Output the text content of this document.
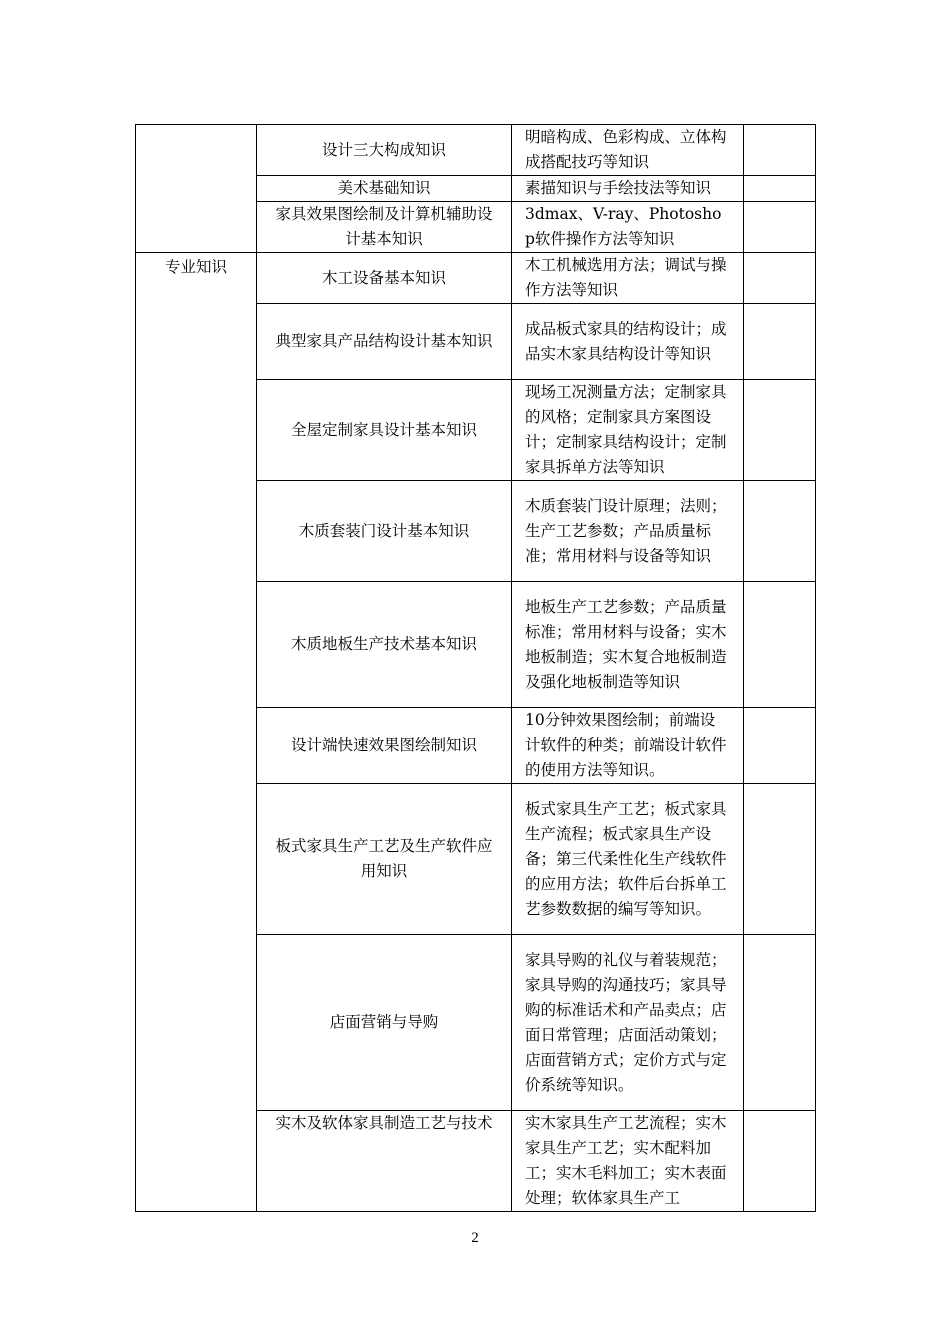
	设计三大构成知识	明暗构成、色彩构成、立体构成搭配技巧等知识	
	美术基础知识	素描知识与手绘技法等知识	
	家具效果图绘制及计算机辅助设计基本知识	3dmax、V-ray、Photoshop软件操作方法等知识	
专业知识	木工设备基本知识	木工机械选用方法；调试与操作方法等知识	
	典型家具产品结构设计基本知识	成品板式家具的结构设计；成品实木家具结构设计等知识	
	全屋定制家具设计基本知识	现场工况测量方法；定制家具的风格；定制家具方案图设计；定制家具结构设计；定制家具拆单方法等知识	
	木质套装门设计基本知识	木质套装门设计原理；法则；生产工艺参数；产品质量标准；常用材料与设备等知识	
	木质地板生产技术基本知识	地板生产工艺参数；产品质量标准；常用材料与设备；实木地板制造；实木复合地板制造及强化地板制造等知识	
	设计端快速效果图绘制知识	10分钟效果图绘制；前端设计软件的种类；前端设计软件的使用方法等知识。	
	板式家具生产工艺及生产软件应用知识	板式家具生产工艺；板式家具生产流程；板式家具生产设备；第三代柔性化生产线软件的应用方法；软件后台拆单工艺参数数据的编写等知识。	
	店面营销与导购	家具导购的礼仪与着装规范；家具导购的沟通技巧；家具导购的标准话术和产品卖点；店面日常管理；店面活动策划；店面营销方式；定价方式与定价系统等知识。	
	实木及软体家具制造工艺与技术	实木家具生产工艺流程；实木家具生产工艺；实木配料加工；实木毛料加工；实木表面处理；软体家具生产工	
2
